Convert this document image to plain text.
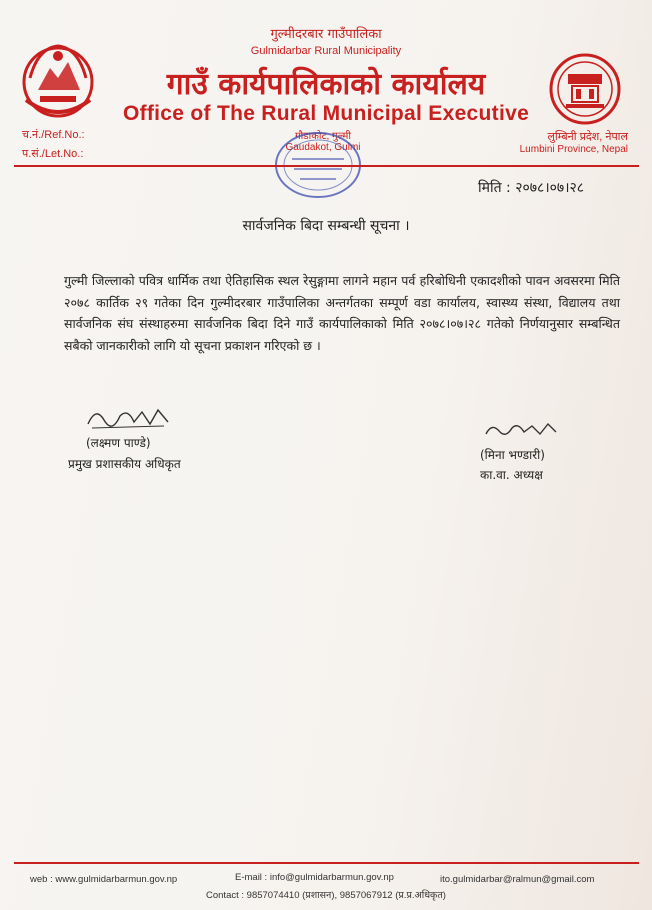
गुल्मीदरबार गाउँपालिका
Gulmidarbar Rural Municipality
गाउँ कार्यपालिकाको कार्यालय
Office of The Rural Municipal Executive
च.नं./Ref.No.:
प.सं./Let.No.:
गौडाकोट, गुल्मी
Gaudakot, Gulmi
लुम्बिनी प्रदेश, नेपाल
Lumbini Province, Nepal
मिति : २०७८।०७।२८
सार्वजनिक बिदा सम्बन्धी सूचना ।
गुल्मी जिल्लाको पवित्र धार्मिक तथा ऐतिहासिक स्थल रेसुङ्गामा लागने महान पर्व हरिबोधिनी एकादशीको पावन अवसरमा मिति २०७८ कार्तिक २९ गतेका दिन गुल्मीदरबार गाउँपालिका अन्तर्गतका सम्पूर्ण वडा कार्यालय, स्वास्थ्य संस्था, विद्यालय तथा सार्वजनिक संघ संस्थाहरुमा सार्वजनिक बिदा दिने गाउँ कार्यपालिकाको मिति २०७८।०७।२८ गतेको निर्णयानुसार सम्बन्धित सबैको जानकारीको लागि यो सूचना प्रकाशन गरिएको छ ।
(लक्ष्मण पाण्डे)
प्रमुख प्रशासकीय अधिकृत
(मिना भण्डारी)
का.वा. अध्यक्ष
web : www.gulmidarbarmun.gov.np	E-mail : info@gulmidarbarmun.gov.np	ito.gulmidarbar@ralmun@gmail.com
Contact : 9857074410 (प्रशासन), 9857067912 (प्र.प्र.अधिकृत)
